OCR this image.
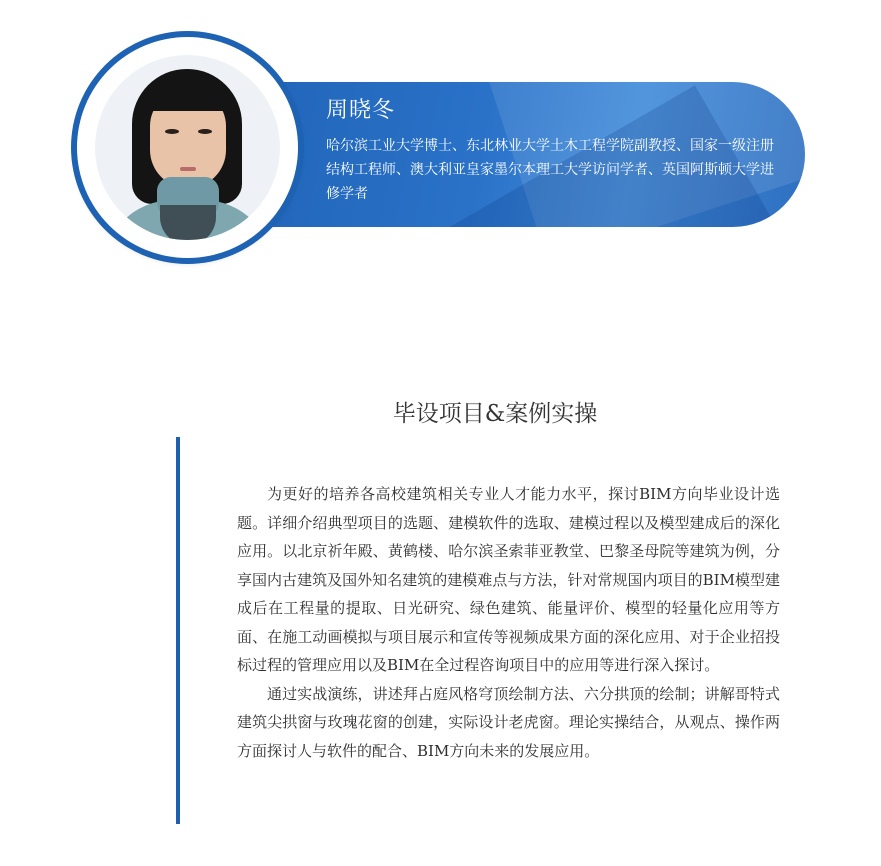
周晓冬

哈尔滨工业大学博士、东北林业大学土木工程学院副教授、国家一级注册结构工程师、澳大利亚皇家墨尔本理工大学访问学者、英国阿斯顿大学进修学者

毕设项目&案例实操

为更好的培养各高校建筑相关专业人才能力水平，探讨BIM方向毕业设计选题。详细介绍典型项目的选题、建模软件的选取、建模过程以及模型建成后的深化应用。以北京祈年殿、黄鹤楼、哈尔滨圣索菲亚教堂、巴黎圣母院等建筑为例，分享国内古建筑及国外知名建筑的建模难点与方法，针对常规国内项目的BIM模型建成后在工程量的提取、日光研究、绿色建筑、能量评价、模型的轻量化应用等方面、在施工动画模拟与项目展示和宣传等视频成果方面的深化应用、对于企业招投标过程的管理应用以及BIM在全过程咨询项目中的应用等进行深入探讨。

通过实战演练，讲述拜占庭风格穹顶绘制方法、六分拱顶的绘制；讲解哥特式建筑尖拱窗与玫瑰花窗的创建，实际设计老虎窗。理论实操结合，从观点、操作两方面探讨人与软件的配合、BIM方向未来的发展应用。
